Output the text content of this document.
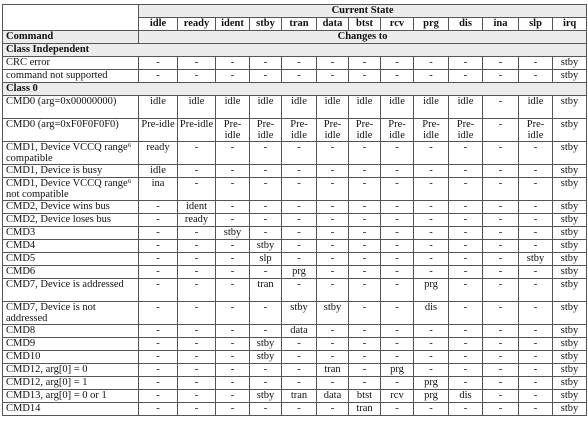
	Current State												
	idle	ready	ident	stby	tran	data	btst	rcv	prg	dis	ina	slp	irq
Command	Changes to												
Class Independent													
CRC error	-	-	-	-	-	-	-	-	-	-	-	-	stby
command not supported	-	-	-	-	-	-	-	-	-	-	-	-	stby
Class 0													
CMD0 (arg=0x00000000)	idle	idle	idle	idle	idle	idle	idle	idle	idle	idle	-	idle	stby
CMD0 (arg=0xF0F0F0F0)	Pre-idle	Pre-idle	Pre-idle	Pre-idle	Pre-idle	Pre-idle	Pre-idle	Pre-idle	Pre-idle	Pre-idle	-	Pre-idle	stby
CMD1, Device VCCQ range⁶ compatible	ready	-	-	-	-	-	-	-	-	-	-	-	stby
CMD1, Device is busy	idle	-	-	-	-	-	-	-	-	-	-	-	stby
CMD1, Device VCCQ range⁶ not compatible	ina	-	-	-	-	-	-	-	-	-	-	-	stby
CMD2, Device wins bus	-	ident	-	-	-	-	-	-	-	-	-	-	stby
CMD2, Device loses bus	-	ready	-	-	-	-	-	-	-	-	-	-	stby
CMD3	-	-	stby	-	-	-	-	-	-	-	-	-	stby
CMD4	-	-	-	stby	-	-	-	-	-	-	-	-	stby
CMD5	-	-	-	slp	-	-	-	-	-	-	-	stby	stby
CMD6	-	-	-	-	prg	-	-	-	-	-	-	-	stby
CMD7, Device is addressed	-	-	-	tran	-	-	-	-	prg	-	-	-	stby
CMD7, Device is not addressed	-	-	-	-	stby	stby	-	-	dis	-	-	-	stby
CMD8	-	-	-	-	data	-	-	-	-	-	-	-	stby
CMD9	-	-	-	stby	-	-	-	-	-	-	-	-	stby
CMD10	-	-	-	stby	-	-	-	-	-	-	-	-	stby
CMD12, arg[0] = 0	-	-	-	-	-	tran	-	prg	-	-	-	-	stby
CMD12, arg[0] = 1	-	-	-	-	-	-	-	-	prg	-	-	-	stby
CMD13, arg[0] = 0 or 1	-	-	-	stby	tran	data	btst	rcv	prg	dis	-	-	stby
CMD14	-	-	-	-	-	-	tran	-	-	-	-	-	stby
